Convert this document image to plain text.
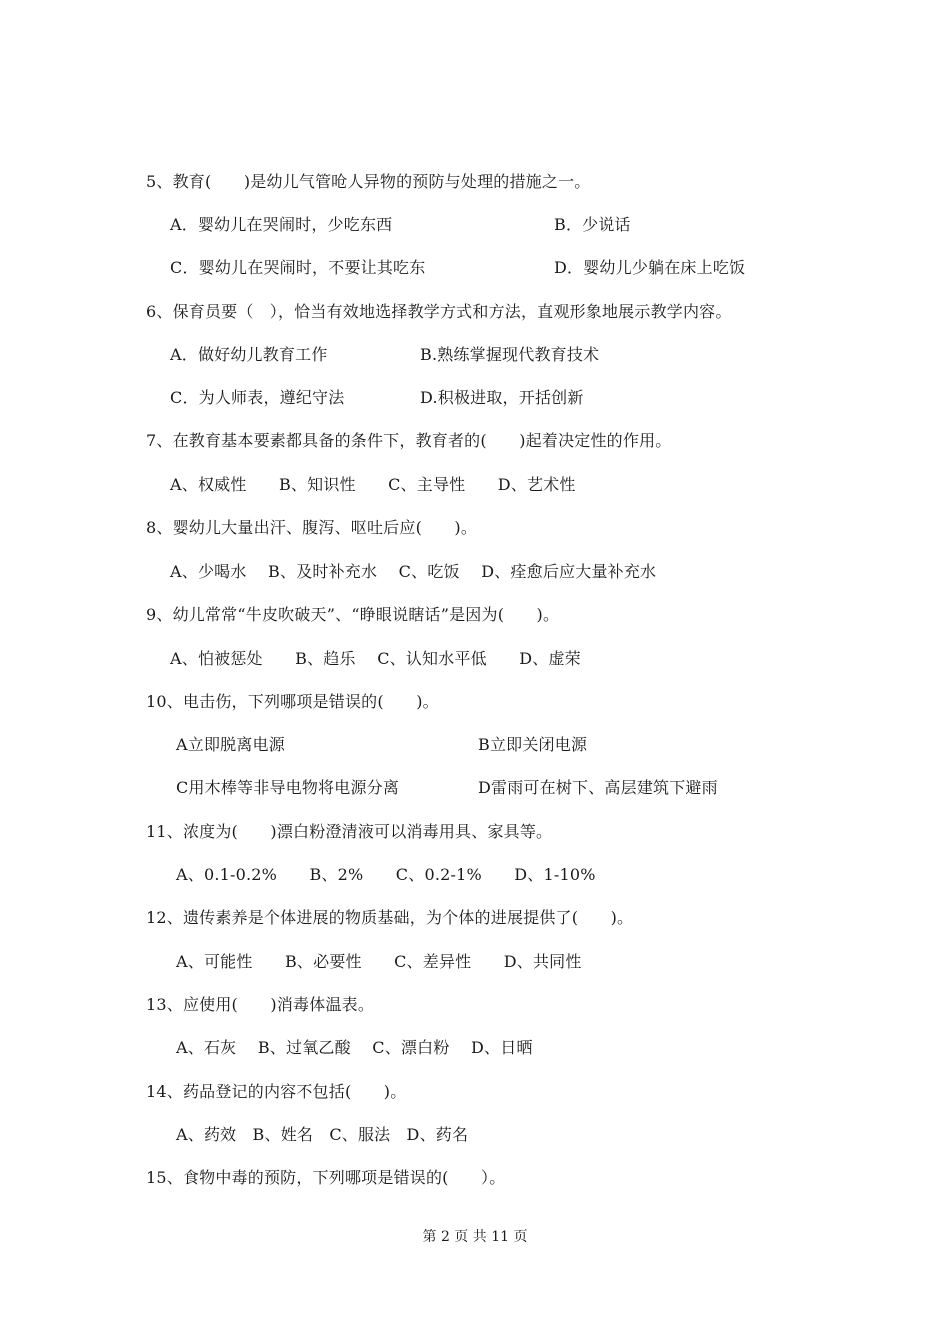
5、教育(　　)是幼儿气管呛人异物的预防与处理的措施之一。
A．婴幼儿在哭闹时，少吃东西	B．少说话
C．婴幼儿在哭闹时，不要让其吃东	D．婴幼儿少躺在床上吃饭
6、保育员要（　），恰当有效地选择教学方式和方法，直观形象地展示教学内容。
A．做好幼儿教育工作	B.熟练掌握现代教育技术
C．为人师表，遵纪守法	D.积极进取，开括创新
7、在教育基本要素都具备的条件下，教育者的(　　)起着决定性的作用。
A、权威性　　B、知识性　　C、主导性　　D、艺术性
8、婴幼儿大量出汗、腹泻、呕吐后应(　　)。
A、少喝水　 B、及时补充水　 C、吃饭　 D、痊愈后应大量补充水
9、幼儿常常“牛皮吹破天”、“睁眼说瞎话”是因为(　　)。
A、怕被惩处　　B、趋乐　 C、认知水平低　　D、虚荣
10、电击伤，下列哪项是错误的(　　)。
A立即脱离电源	B立即关闭电源
C用木棒等非导电物将电源分离	D雷雨可在树下、高层建筑下避雨
11、浓度为(　　)漂白粉澄清液可以消毒用具、家具等。
A、0.1-0.2%　　B、2%　　C、0.2-1%　　D、1-10%
12、遗传素养是个体进展的物质基础，为个体的进展提供了(　　)。
A、可能性　　B、必要性　　C、差异性　　D、共同性
13、应使用(　　)消毒体温表。
A、石灰　 B、过氧乙酸　 C、漂白粉　 D、日晒
14、药品登记的内容不包括(　　)。
A、药效　B、姓名　C、服法　D、药名
15、食物中毒的预防，下列哪项是错误的(　　）。
第 2 页 共 11 页
